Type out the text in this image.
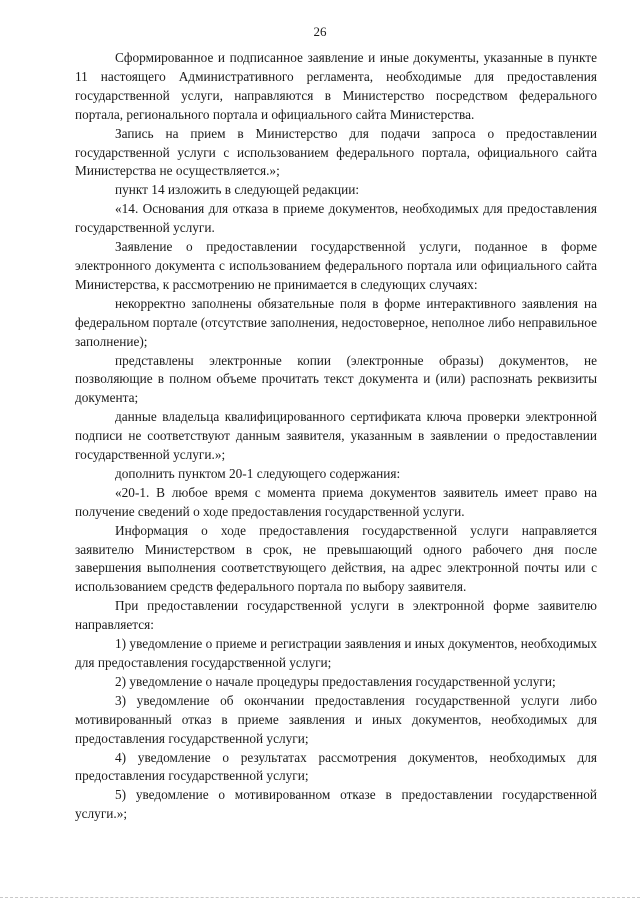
26

Сформированное и подписанное заявление и иные документы, указанные в пункте 11 настоящего Административного регламента, необходимые для предоставления государственной услуги, направляются в Министерство посредством федерального портала, регионального портала и официального сайта Министерства.

Запись на прием в Министерство для подачи запроса о предоставлении государственной услуги с использованием федерального портала, официального сайта Министерства не осуществляется.»;

пункт 14 изложить в следующей редакции:

«14. Основания для отказа в приеме документов, необходимых для предоставления государственной услуги.

Заявление о предоставлении государственной услуги, поданное в форме электронного документа с использованием федерального портала или официального сайта Министерства, к рассмотрению не принимается в следующих случаях:

некорректно заполнены обязательные поля в форме интерактивного заявления на федеральном портале (отсутствие заполнения, недостоверное, неполное либо неправильное заполнение);

представлены электронные копии (электронные образы) документов, не позволяющие в полном объеме прочитать текст документа и (или) распознать реквизиты документа;

данные владельца квалифицированного сертификата ключа проверки электронной подписи не соответствуют данным заявителя, указанным в заявлении о предоставлении государственной услуги.»;

дополнить пунктом 20-1 следующего содержания:

«20-1. В любое время с момента приема документов заявитель имеет право на получение сведений о ходе предоставления государственной услуги.

Информация о ходе предоставления государственной услуги направляется заявителю Министерством в срок, не превышающий одного рабочего дня после завершения выполнения соответствующего действия, на адрес электронной почты или с использованием средств федерального портала по выбору заявителя.

При предоставлении государственной услуги в электронной форме заявителю направляется:

1) уведомление о приеме и регистрации заявления и иных документов, необходимых для предоставления государственной услуги;

2) уведомление о начале процедуры предоставления государственной услуги;

3) уведомление об окончании предоставления государственной услуги либо мотивированный отказ в приеме заявления и иных документов, необходимых для предоставления государственной услуги;

4) уведомление о результатах рассмотрения документов, необходимых для предоставления государственной услуги;

5) уведомление о мотивированном отказе в предоставлении государственной услуги.»;
